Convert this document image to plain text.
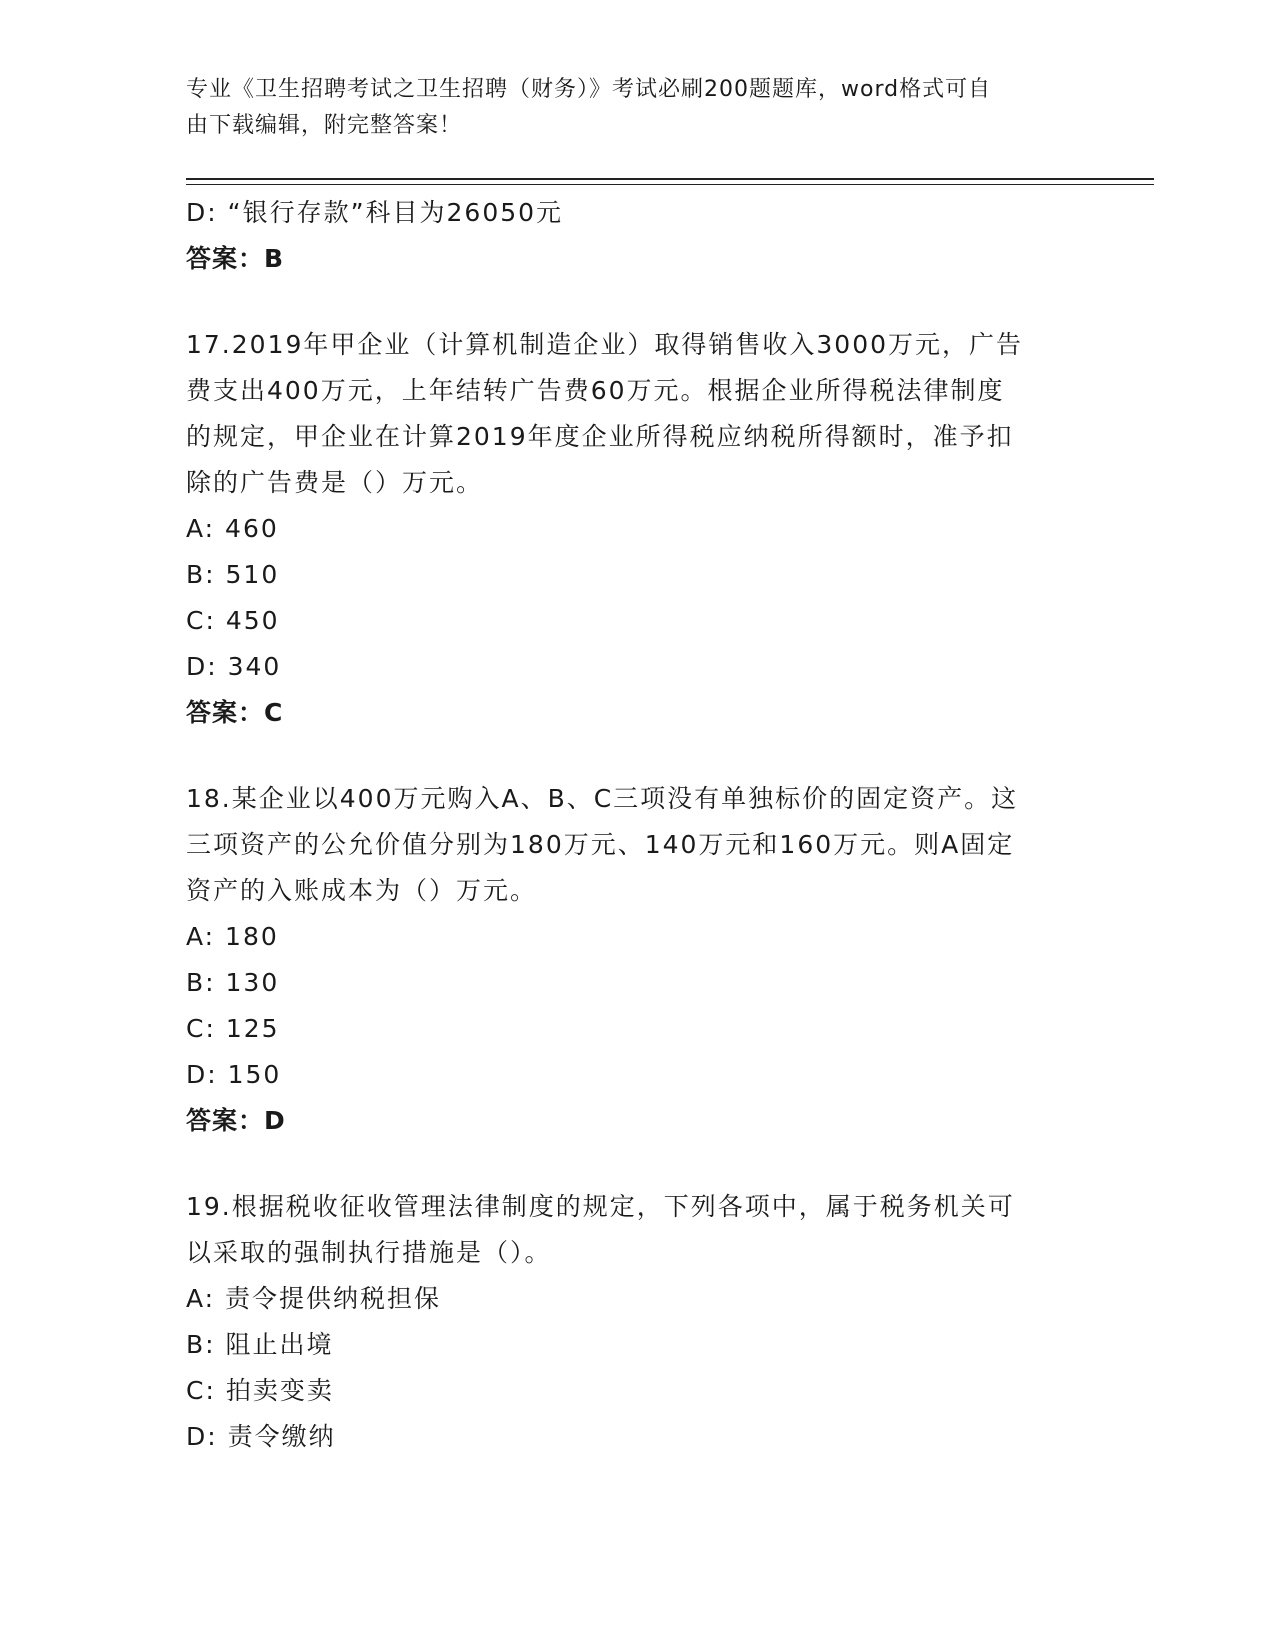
专业《卫生招聘考试之卫生招聘（财务）》考试必刷200题题库，word格式可自
由下载编辑，附完整答案！
D: “银行存款”科目为26050元
答案：B
17.2019年甲企业（计算机制造企业）取得销售收入3000万元，广告
费支出400万元，上年结转广告费60万元。根据企业所得税法律制度
的规定，甲企业在计算2019年度企业所得税应纳税所得额时，准予扣
除的广告费是（）万元。
A: 460
B: 510
C: 450
D: 340
答案：C
18.某企业以400万元购入A、B、C三项没有单独标价的固定资产。这
三项资产的公允价值分别为180万元、140万元和160万元。则A固定
资产的入账成本为（）万元。
A: 180
B: 130
C: 125
D: 150
答案：D
19.根据税收征收管理法律制度的规定，下列各项中，属于税务机关可
以采取的强制执行措施是（）。
A: 责令提供纳税担保
B: 阻止出境
C: 拍卖变卖
D: 责令缴纳
